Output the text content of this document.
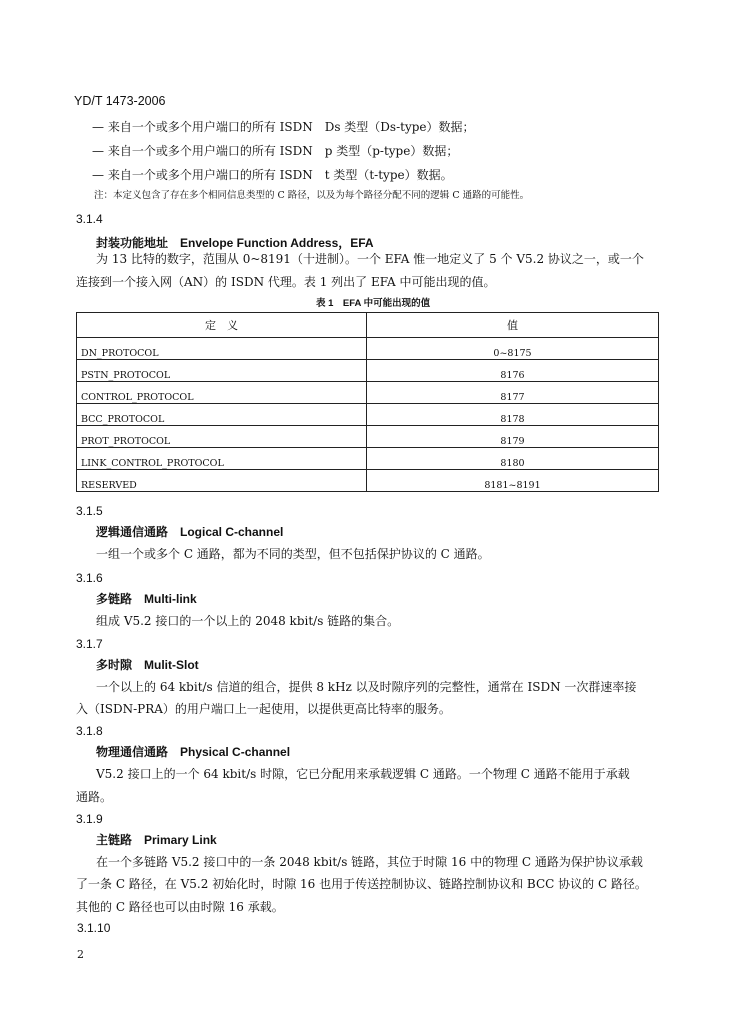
YD/T 1473-2006
— 来自一个或多个用户端口的所有 ISDN　Ds 类型（Ds-type）数据；
— 来自一个或多个用户端口的所有 ISDN　p 类型（p-type）数据；
— 来自一个或多个用户端口的所有 ISDN　t 类型（t-type）数据。
注：本定义包含了存在多个相同信息类型的 C 路径，以及为每个路径分配不同的逻辑 C 通路的可能性。
3.1.4
封装功能地址　Envelope Function Address，EFA
为 13 比特的数字，范围从 0~8191（十进制）。一个 EFA 惟一地定义了 5 个 V5.2 协议之一，或一个
连接到一个接入网（AN）的 ISDN 代理。表 1 列出了 EFA 中可能出现的值。
表 1　EFA 中可能出现的值
定　义	值
DN_PROTOCOL	0~8175
PSTN_PROTOCOL	8176
CONTROL_PROTOCOL	8177
BCC_PROTOCOL	8178
PROT_PROTOCOL	8179
LINK_CONTROL_PROTOCOL	8180
RESERVED	8181~8191
3.1.5
逻辑通信通路　Logical C-channel
一组一个或多个 C 通路，都为不同的类型，但不包括保护协议的 C 通路。
3.1.6
多链路　Multi-link
组成 V5.2 接口的一个以上的 2048 kbit/s 链路的集合。
3.1.7
多时隙　Mulit-Slot
一个以上的 64 kbit/s 信道的组合，提供 8 kHz 以及时隙序列的完整性，通常在 ISDN 一次群速率接
入（ISDN-PRA）的用户端口上一起使用，以提供更高比特率的服务。
3.1.8
物理通信通路　Physical C-channel
V5.2 接口上的一个 64 kbit/s 时隙，它已分配用来承载逻辑 C 通路。一个物理 C 通路不能用于承载
通路。
3.1.9
主链路　Primary Link
在一个多链路 V5.2 接口中的一条 2048 kbit/s 链路，其位于时隙 16 中的物理 C 通路为保护协议承载
了一条 C 路径，在 V5.2 初始化时，时隙 16 也用于传送控制协议、链路控制协议和 BCC 协议的 C 路径。
其他的 C 路径也可以由时隙 16 承载。
3.1.10
2
